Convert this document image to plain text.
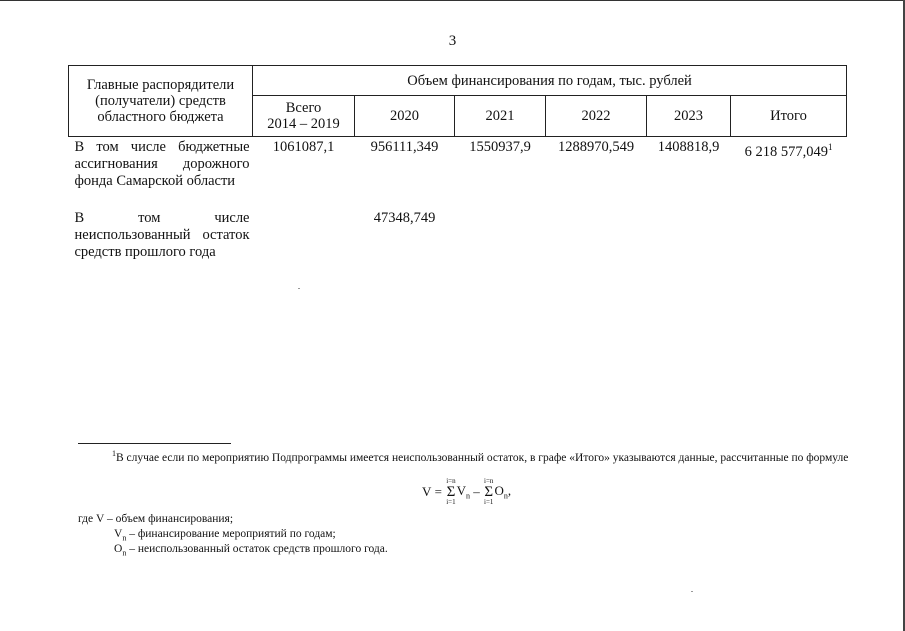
3
Главные распорядители (получатели) средств областного бюджета	Объем финансирования по годам, тыс. рублей					
	Всего
2014 – 2019	2020	2021	2022	2023	Итого
В том числе бюджетные ассигнования дорожного фонда Самарской области	1061087,1	956111,349	1550937,9	1288970,549	1408818,9	6 218 577,049$^1$

В том числе неиспользованный остаток средств прошлого года		47348,749				
$^1$В случае если по мероприятию Подпрограммы имеется неиспользованный остаток, в графе «Итого» указываются данные, рассчитанные по формуле
V =
i=n
Σ
i=1
$V_n$ –
i=n
Σ
i=1
$O_n$,
где V – объем финансирования;
$V_n$ – финансирование мероприятий по годам;
$O_n$ – неиспользованный остаток средств прошлого года.
